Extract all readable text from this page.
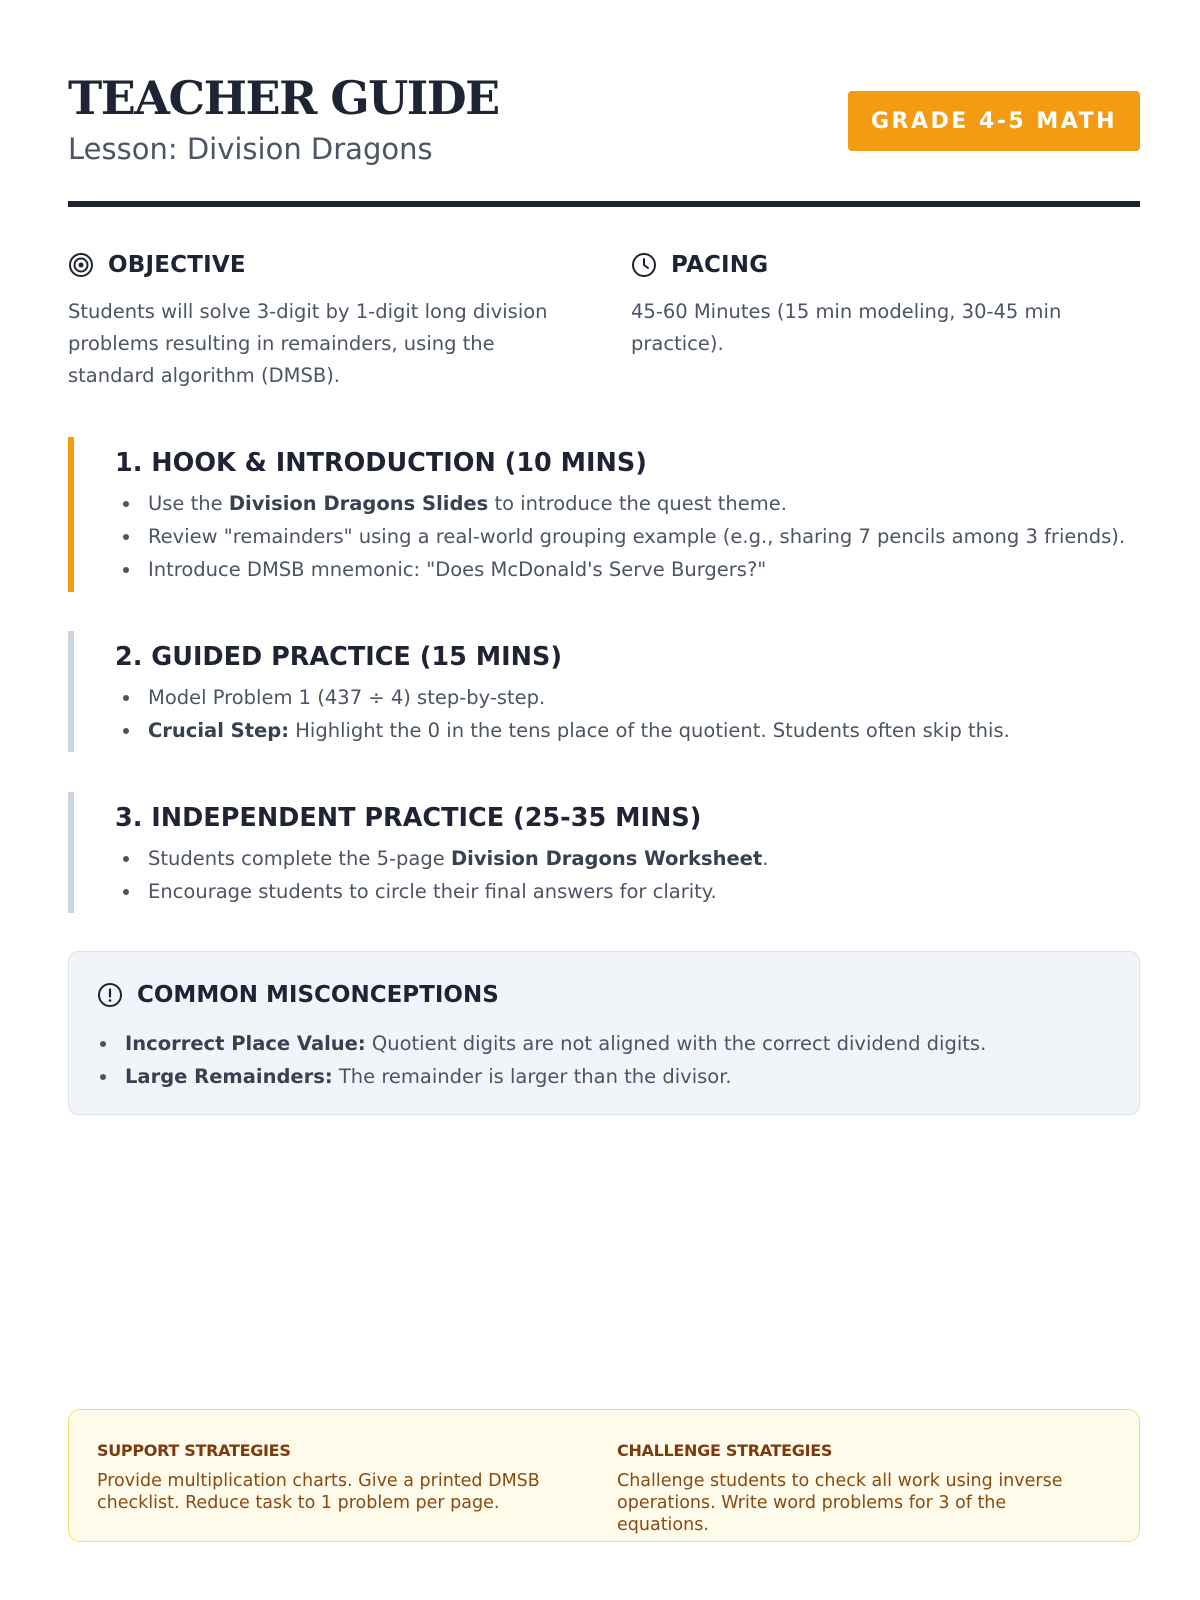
TEACHER GUIDE
Lesson: Division Dragons
GRADE 4-5 MATH
OBJECTIVE
Students will solve 3-digit by 1-digit long division problems resulting in remainders, using the standard algorithm (DMSB).
PACING
45-60 Minutes (15 min modeling, 30-45 min practice).
1. HOOK & INTRODUCTION (10 MINS)
Use the Division Dragons Slides to introduce the quest theme.
Review "remainders" using a real-world grouping example (e.g., sharing 7 pencils among 3 friends).
Introduce DMSB mnemonic: "Does McDonald's Serve Burgers?"
2. GUIDED PRACTICE (15 MINS)
Model Problem 1 (437 ÷ 4) step-by-step.
Crucial Step: Highlight the 0 in the tens place of the quotient. Students often skip this.
3. INDEPENDENT PRACTICE (25-35 MINS)
Students complete the 5-page Division Dragons Worksheet.
Encourage students to circle their final answers for clarity.
COMMON MISCONCEPTIONS
Incorrect Place Value: Quotient digits are not aligned with the correct dividend digits.
Large Remainders: The remainder is larger than the divisor.
SUPPORT STRATEGIES
Provide multiplication charts. Give a printed DMSB checklist. Reduce task to 1 problem per page.
CHALLENGE STRATEGIES
Challenge students to check all work using inverse operations. Write word problems for 3 of the equations.
